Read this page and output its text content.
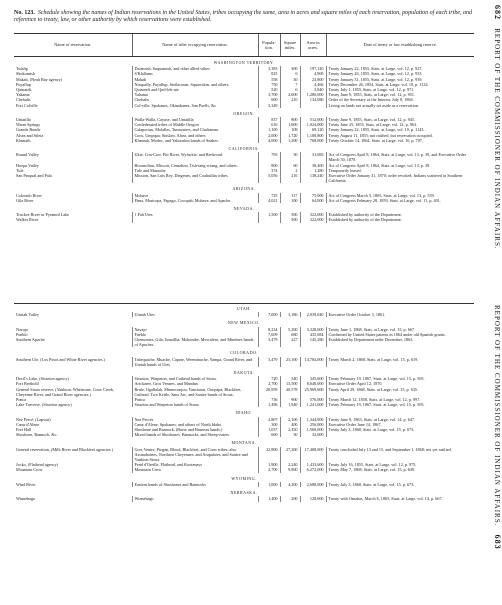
No. 123. Schedule showing the names of Indian reservations in the United States, tribes occupying the same, area in acres and square miles of each reservation, population of each tribe, and reference to treaty, law, or other authority by which reservations were established.	682   REPORT OF THE COMMISSIONER OF INDIAN AFFAIRS.
REPORT OF THE COMMISSIONER OF INDIAN AFFAIRS.   683
Name of reservation.	Name of tribe occupying reservation.	Popula-tion.	Square miles.	Area in acres.	Date of treaty or law establishing reserve.
WASHINGTON TERRITORY.					
Tulalip	Dwamish, Suquamish, and other allied tribes	3,383	300	197,120	Treaty January 22, 1855, Stats. at Large, vol. 12, p. 927.
Skokomish	S'Klallams	825	6	4,969	Treaty January 26, 1855, Stats. at Large, vol. 12, p. 933.
Makah, (Neah Bay agency)	Makah	558	30	23,800	Treaty January 31, 1855, Stats. at Large, vol. 12, p. 939.
Puyallup	Nisqually, Puyallup, Steilacoom, Squawskin, and others.	750	7	4,466	Treaty December 26, 1854, Stats. at Large, vol. 10, p. 1132.
Quinaielt	Quinaielt and Quil-leh-ute	520	6	3,840	Treaty July 1, 1855, Stats. at Large, vol. 12, p. 971.
Yakama	Yakama	3,700	2,000	1,280,000	Treaty June 9, 1855, Stats. at Large, vol. 12, p. 951.
Chehalis	Chehalis	600	210	134,080	Order of the Secretary of the Interior, July 8, 1864.
Fort Colville	Col-ville, Spokanes, Okinakanes, San Poells, &c	3,349			Living on lands not actually set aside as a reservation.
OREGON.					
Umatilla	Walla-Walla, Cayuse, and Umatilla	837	800	512,000	Treaty June 9, 1855, Stats. at Large, vol. 12, p. 945.
Warm Springs	Confederated tribes of Middle Oregon	616	1,600	1,024,000	Treaty June 25, 1855, Stats. at Large, vol. 12, p. 963.
Grande Ronde	Calapooias, Molalles, Tumwaters, and Clackamas.	1,100	108	69,120	Treaty January 22, 1855, Stats. at Large, vol. 10, p. 1143.
Alsea and Siletz	Coos, Umpqua, Siuslaw, Alsea, and others	2,000	1,720	1,100,800	Treaty August 11, 1855; not ratified, but reservation occupied.
Klamath	Klamath, Modoc, and Yahooskin bands of Snakes.	4,000	1,200	768,000	Treaty October 14, 1864, Stats. at Large, vol. 16, p. 707.
CALIFORNIA.					
Round Valley	Ukie, Con-Cow, Pitt River, Wylackie, and Redwood.	793	50	31,683	Act of Congress April 8, 1864, Stats. at Large, vol. 13, p. 39, and Executive Order March 30, 1870.
Hoopa Valley	Hoonsolton, Miscott, Cernalton, Tish-tang-a-tang, and others.	800	60	38,400	Act of Congress April 8, 1864, Stats. at Large, vol. 13, p. 39.
Tule	Tule and Manache	374	2	1,280	Temporarily leased.
San Pasqual and Pala	Mission, San Luis Rey, Diegenes, and Coahuillas tribes.	5,056	216	138,240	Executive Order January 31, 1870; order revoked; Indians scattered in Southern California.
ARIZONA.					
Colorado River	Mohave	725	117	75,000	Act of Congress March 3, 1865, Stats. at Large, vol. 13, p. 559.
Gila River	Pima, Maricopa, Papago, Cocopah, Mohave, and Apache.	4,021	100	64,000	Act of Congress February 28, 1859, Stats. at Large, vol. 11, p. 401.
NEVADA.					
Truckee River or Pyramid Lake	} Pah Utes	1,500	500	322,000	Established by authority of the Department.
Walker River			500	322,000	Established by authority of the Department.
UTAH.					
Uintah Valley	Uintah Utes	7,000	3,186	2,039,040	Executive Order October 3, 1861.
NEW MEXICO.					
Navajo	Navajo	8,234	5,200	3,328,000	Treaty June 1, 1868, Stats. at Large, vol. 15, p. 667.
Pueblo	Pueblo	7,609	680	435,684	Confirmed by United States patents in 1864 under old Spanish grants.
Southern Apache	Chemonies, Gila, Jinarillia, Mohombe, Mescalero, and Mimbres bands of Apaches.	3,479	227	145,280	Established by Department order December, 1863.
COLORADO.					
Southern Ute, (Los Pinos and White River agencies.)	Tabequache, Muache, Capote, Weeminuche, Yampa, Grand River, and Uintah bands of Utes.	3,479	23,100	14,784,000	Treaty March 2, 1868, Stats. at Large, vol. 15, p. 619.
DAKOTA.					
Devil's Lake, (Sisseton agency)	Sisseton, Warpeton, and Cuthead bands of Sioux.	720	540	345,600	Treaty February 19, 1867, Stats. at Large, vol. 15, p. 505.
Fort Berthold	Arickaree, Gros Ventres, and Mandan	2,700	13,500	8,640,000	Executive Order April 12, 1870.
General Sioux reserve, (Yankton, Whetstone, Crow Creek, Cheyenne River, and Grand River agencies.)	Brule, Ogallalah, Minneconjou, Yanctonai, Oncpapa, Blackfeet, Cuthead, Two Kettle, Sans Arc, and Santee bands of Sioux.	20,959	40,578	25,969,600	Treaty April 29, 1868, Stats. at Large, vol. 15, p. 635.
Ponca	Ponca	736	900	576,000	Treaty March 12, 1858, Stats. at Large, vol. 12, p. 997.
Lake Traverse, (Sisseton agency)	Sisseton and Warpeton bands of Sioux	1,496	1,940	1,241,600	Treaty February 19, 1867, Stats. at Large, vol. 15, p. 505.
IDAHO.					
Nez Percé, (Lapwai)	Nez Percés	2,807	2,100	1,344,000	Treaty June 9, 1863, Stats. at Large, vol. 14, p. 647.
Cœur d'Alene	Cœur d'Alene, Spokanes, and others of North Idaho.	300	400	256,000	Executive Order June 14, 1867.
Fort Hall	Shoshone and Bannock, (Boise and Bruneau bands.)	1,037	2,450	1,568,000	Treaty July 3, 1868, Stats. at Large, vol. 15, p. 673.
Shoshone, Bannock, &c.	Mixed bands of Shoshones, Bannocks, and Sheep-eaters.	600	50	32,000	
MONTANA.					
General reservation, (Milk River and Blackfeet agencies.)	Gros Ventre, Piegan, Blood, Blackfeet, and Crow tribes; also Assinaboines, Northern Cheyennes, and Arapahoes, and Santee and Yankton Sioux.	22,800	27,200	17,408,000	Treaty concluded July 13 and 15, and September 1, 1868; not yet ratified.
Jocko, (Flathead agency)	Pend d'Oreille, Flathead, and Kootenays	1,900	2,240	1,433,600	Treaty July 16, 1855, Stats. at Large, vol. 12, p. 975.
Mountain Crow	Mountain Crow	2,700	9,800	6,272,000	Treaty May 7, 1868, Stats. at Large, vol. 15, p. 649.
WYOMING.					
Wind River	Eastern bands of Shoshones and Bannocks	1,000	4,200	2,688,000	Treaty July 3, 1868, Stats. at Large, vol. 15, p. 673.
NEBRASKA.					
Winnebago	Winnebago	1,400	200	128,000	Treaty with Omahas, March 6, 1865, Stats. at Large, vol. 14, p. 667.
